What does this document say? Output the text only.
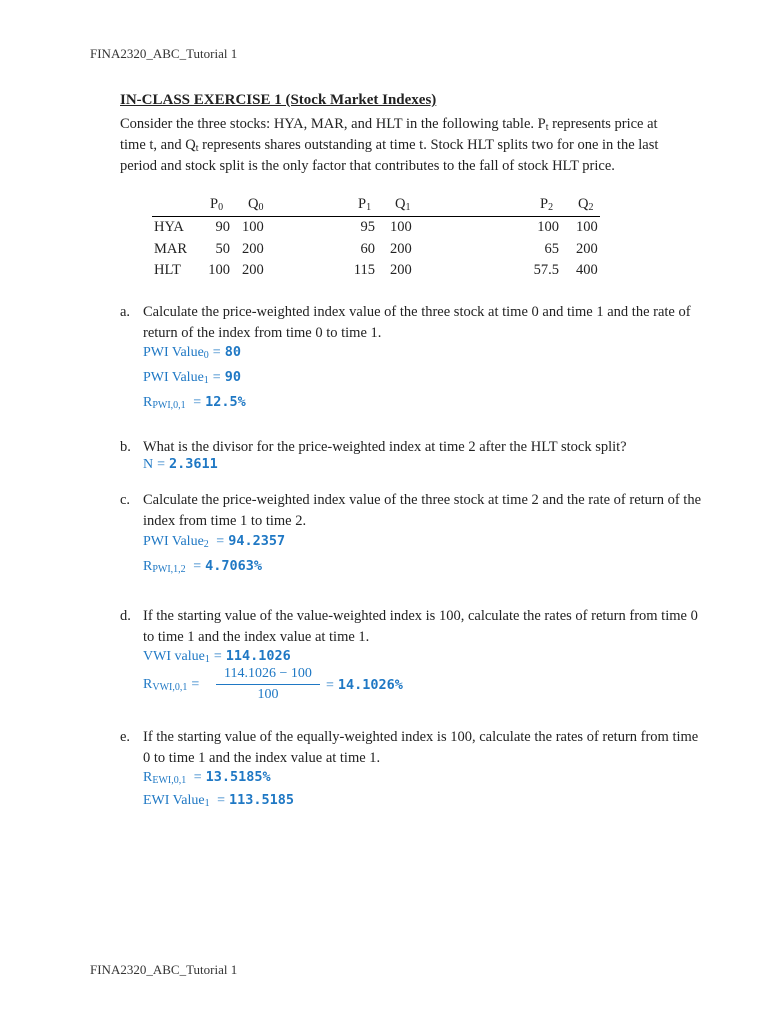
FINA2320_ABC_Tutorial 1
IN-CLASS EXERCISE 1 (Stock Market Indexes)
Consider the three stocks: HYA, MAR, and HLT in the following table. $P_t$ represents price at time t, and $Q_t$ represents shares outstanding at time t. Stock HLT splits two for one in the last period and stock split is the only factor that contributes to the fall of stock HLT price.
$P_0$ $Q_0$	$P_1$ $Q_1$	$P_2$ $Q_2$
HYA	90 100	95 100	100 100
MAR	50 200	60 200	65 200
HLT	100 200	115 200	57.5 400
a. Calculate the price-weighted index value of the three stock at time 0 and time 1 and the rate of return of the index from time 0 to time 1.
PWI Value$_0$ = 80
PWI Value$_1$ = 90
$R_{PWI,0,1} = 12.5\%$
b. What is the divisor for the price-weighted index at time 2 after the HLT stock split?
N = 2.3611
c. Calculate the price-weighted index value of the three stock at time 2 and the rate of return of the index from time 1 to time 2.
PWI Value$_2$ = 94.2357
$R_{PWI,1,2} = 4.7063\%$
d. If the starting value of the value-weighted index is 100, calculate the rates of return from time 0 to time 1 and the index value at time 1.
VWI value$_1$ = 114.1026
$R_{VWI,0,1} = \frac{114.1026 - 100}{100} = 14.1026\%$
e. If the starting value of the equally-weighted index is 100, calculate the rates of return from time 0 to time 1 and the index value at time 1.
$R_{EWI,0,1} = 13.5185\%$
EWI Value$_1$ = 113.5185
FINA2320_ABC_Tutorial 1
